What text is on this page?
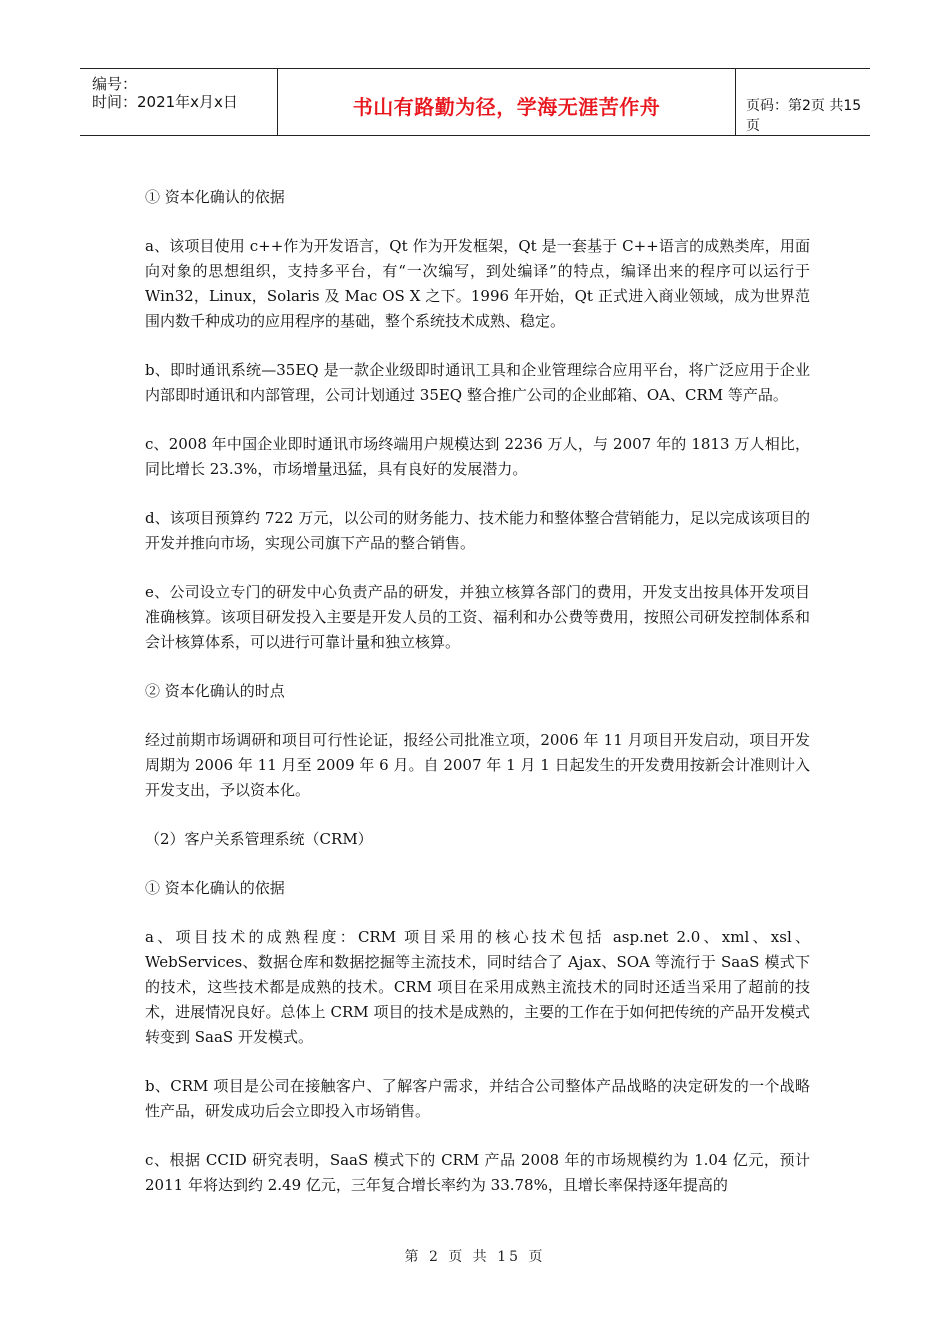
编号：
时间：2021年x月x日	书山有路勤为径，学海无涯苦作舟	页码：第2页 共15页

① 资本化确认的依据

a、该项目使用 c++作为开发语言，Qt 作为开发框架，Qt 是一套基于 C++语言的成熟类库，用面向对象的思想组织，支持多平台，有“一次编写，到处编译”的特点，编译出来的程序可以运行于 Win32，Linux，Solaris 及 Mac OS X 之下。1996 年开始，Qt 正式进入商业领域，成为世界范围内数千种成功的应用程序的基础，整个系统技术成熟、稳定。

b、即时通讯系统—35EQ 是一款企业级即时通讯工具和企业管理综合应用平台，将广泛应用于企业内部即时通讯和内部管理，公司计划通过 35EQ 整合推广公司的企业邮箱、OA、CRM 等产品。

c、2008 年中国企业即时通讯市场终端用户规模达到 2236 万人，与 2007 年的 1813 万人相比，同比增长 23.3%，市场增量迅猛，具有良好的发展潜力。

d、该项目预算约 722 万元，以公司的财务能力、技术能力和整体整合营销能力，足以完成该项目的开发并推向市场，实现公司旗下产品的整合销售。

e、公司设立专门的研发中心负责产品的研发，并独立核算各部门的费用，开发支出按具体开发项目准确核算。该项目研发投入主要是开发人员的工资、福利和办公费等费用，按照公司研发控制体系和会计核算体系，可以进行可靠计量和独立核算。

② 资本化确认的时点

经过前期市场调研和项目可行性论证，报经公司批准立项，2006 年 11 月项目开发启动，项目开发周期为 2006 年 11 月至 2009 年 6 月。自 2007 年 1 月 1 日起发生的开发费用按新会计准则计入开发支出，予以资本化。

（2）客户关系管理系统（CRM）

① 资本化确认的依据

a、项目技术的成熟程度：CRM 项目采用的核心技术包括 asp.net 2.0、xml、xsl、WebServices、数据仓库和数据挖掘等主流技术，同时结合了 Ajax、SOA 等流行于 SaaS 模式下的技术，这些技术都是成熟的技术。CRM 项目在采用成熟主流技术的同时还适当采用了超前的技术，进展情况良好。总体上 CRM 项目的技术是成熟的，主要的工作在于如何把传统的产品开发模式转变到 SaaS 开发模式。

b、CRM 项目是公司在接触客户、了解客户需求，并结合公司整体产品战略的决定研发的一个战略性产品，研发成功后会立即投入市场销售。

c、根据 CCID 研究表明，SaaS 模式下的 CRM 产品 2008 年的市场规模约为 1.04 亿元，预计 2011 年将达到约 2.49 亿元，三年复合增长率约为 33.78%，且增长率保持逐年提高的

第 2 页 共 15 页
